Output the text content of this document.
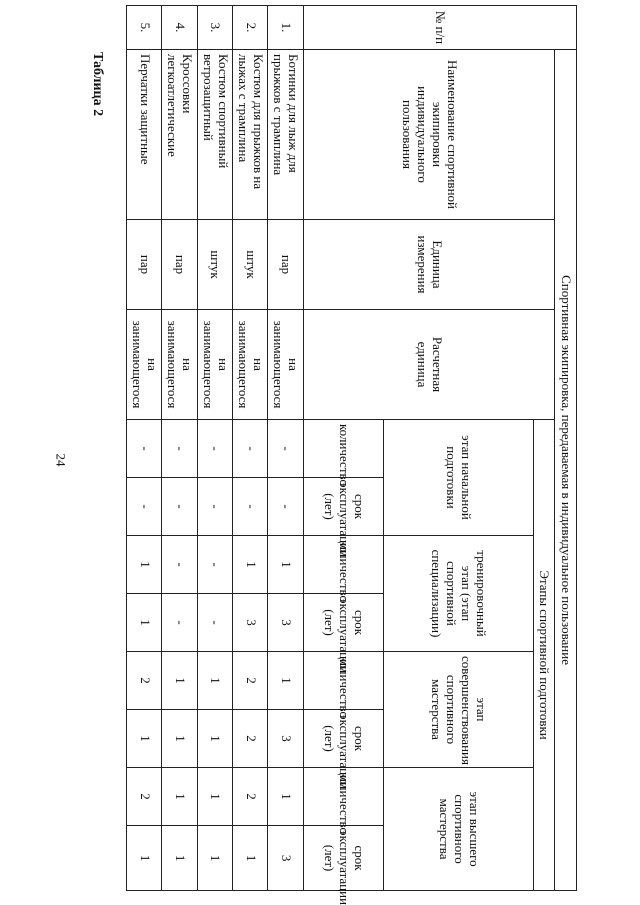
24
Таблица 2
№ п/п	Спортивная экипировка, передаваемая в индивидуальное пользование										
	Наименование спортивной экипировки индивидуального пользования	Единица измерения	Расчетная единица	Этапы спортивной подготовки							
				этап начальной подготовки		тренировочный этап (этап спортивной специализации)		этап совершенствования спортивного мастерства		этап высшего спортивного мастерства	
				количество	срок эксплуатации (лет)	количество	срок эксплуатации (лет)	количество	срок эксплуатации (лет)	количество	срок эксплуатации (лет)
1.	Ботинки для лыж для прыжков с трамплина	пар	на занимающегося	-	-	1	3	1	3	1	3
2.	Костюм для прыжков на лыжах с трамплина	штук	на занимающегося	-	-	1	3	2	2	2	1
3.	Костюм спортивный ветрозащитный	штук	на занимающегося	-	-	-	-	1	1	1	1
4.	Кроссовки легкоатлетические	пар	на занимающегося	-	-	-	-	1	1	1	1
5.	Перчатки защитные	пар	на занимающегося	-	-	1	1	2	1	2	1
